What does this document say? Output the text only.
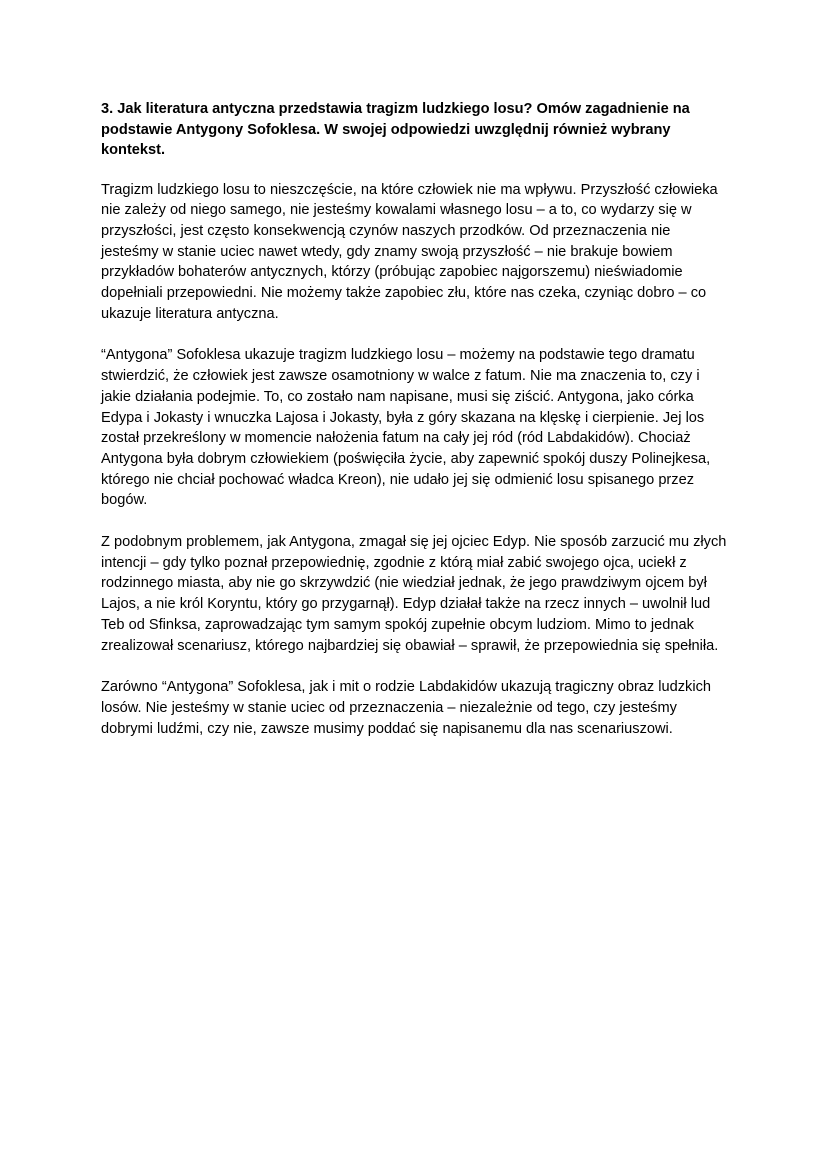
3. Jak literatura antyczna przedstawia tragizm ludzkiego losu? Omów zagadnienie na podstawie Antygony Sofoklesa. W swojej odpowiedzi uwzględnij również wybrany kontekst.

Tragizm ludzkiego losu to nieszczęście, na które człowiek nie ma wpływu. Przyszłość człowieka nie zależy od niego samego, nie jesteśmy kowalami własnego losu – a to, co wydarzy się w przyszłości, jest często konsekwencją czynów naszych przodków. Od przeznaczenia nie jesteśmy w stanie uciec nawet wtedy, gdy znamy swoją przyszłość – nie brakuje bowiem przykładów bohaterów antycznych, którzy (próbując zapobiec najgorszemu) nieświadomie dopełniali przepowiedni. Nie możemy także zapobiec złu, które nas czeka, czyniąc dobro – co ukazuje literatura antyczna.

“Antygona” Sofoklesa ukazuje tragizm ludzkiego losu – możemy na podstawie tego dramatu stwierdzić, że człowiek jest zawsze osamotniony w walce z fatum. Nie ma znaczenia to, czy i jakie działania podejmie. To, co zostało nam napisane, musi się ziścić. Antygona, jako córka Edypa i Jokasty i wnuczka Lajosa i Jokasty, była z góry skazana na klęskę i cierpienie. Jej los został przekreślony w momencie nałożenia fatum na cały jej ród (ród Labdakidów). Chociaż Antygona była dobrym człowiekiem (poświęciła życie, aby zapewnić spokój duszy Polinejkesa, którego nie chciał pochować władca Kreon), nie udało jej się odmienić losu spisanego przez bogów.

Z podobnym problemem, jak Antygona, zmagał się jej ojciec Edyp. Nie sposób zarzucić mu złych intencji – gdy tylko poznał przepowiednię, zgodnie z którą miał zabić swojego ojca, uciekł z rodzinnego miasta, aby nie go skrzywdzić (nie wiedział jednak, że jego prawdziwym ojcem był Lajos, a nie król Koryntu, który go przygarnął). Edyp działał także na rzecz innych – uwolnił lud Teb od Sfinksa, zaprowadzając tym samym spokój zupełnie obcym ludziom. Mimo to jednak zrealizował scenariusz, którego najbardziej się obawiał – sprawił, że przepowiednia się spełniła.

Zarówno “Antygona” Sofoklesa, jak i mit o rodzie Labdakidów ukazują tragiczny obraz ludzkich losów. Nie jesteśmy w stanie uciec od przeznaczenia – niezależnie od tego, czy jesteśmy dobrymi ludźmi, czy nie, zawsze musimy poddać się napisanemu dla nas scenariuszowi.
